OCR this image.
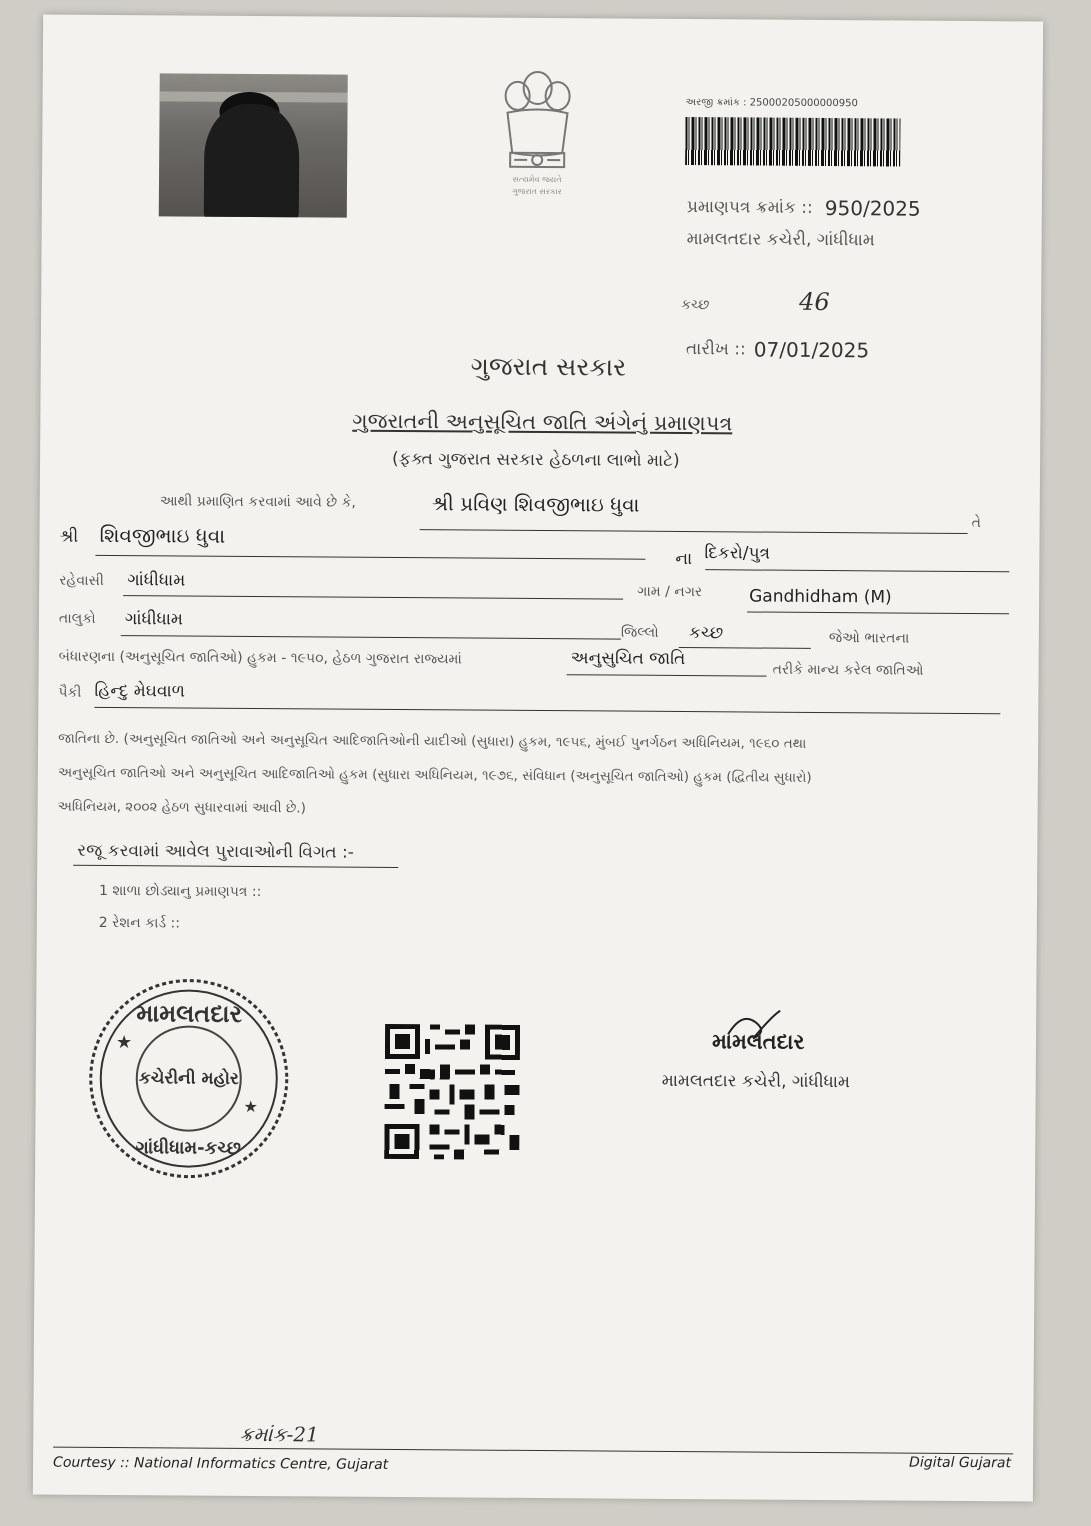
સત્યમેવ જયતે
ગુજરાત સરકાર
અરજી ક્રમાંક : 25000205000000950
પ્રમાણપત્ર ક્રમાંક :: 950/2025
મામલતદાર કચેરી, ગાંધીધામ
કચ્છ	46
તારીખ :: 07/01/2025
ગુજરાત સરકાર
ગુજરાતની અનુસૂચિત જાતિ અંગેનું પ્રમાણપત્ર
(ફક્ત ગુજરાત સરકાર હેઠળના લાભો માટે)
આથી પ્રમાણિત કરવામાં આવે છે કે,	શ્રી પ્રવિણ શિવજીભાઇ ધુવા
તે
શ્રી શિવજીભાઇ ધુવા
ના દિકરો/પુત્ર
રહેવાસી ગાંધીધામ
ગામ / નગર	Gandhidham (M)
તાલુકો ગાંધીધામ
જિલ્લો કચ્છ	જેઓ ભારતના
બંધારણના (અનુસૂચિત જાતિઓ) હુકમ - ૧૯૫૦, હેઠળ ગુજરાત રાજ્યમાં	અનુસુચિત જાતિ
તરીકે માન્ય કરેલ જાતિઓ
પૈકી હિન્દુ મેઘવાળ
જાતિના છે. (અનુસૂચિત જાતિઓ અને અનુસૂચિત આદિજાતિઓની યાદીઓ (સુધારા) હુકમ, ૧૯૫૬, મુંબઈ પુનર્ગઠન અધિનિયમ, ૧૯૬૦ તથા
અનુસૂચિત જાતિઓ અને અનુસૂચિત આદિજાતિઓ હુકમ (સુધારા અધિનિયમ, ૧૯૭૬, સંવિધાન (અનુસૂચિત જાતિઓ) હુકમ (દ્વિતીય સુધારો)
અધિનિયમ, ૨૦૦૨ હેઠળ સુધારવામાં આવી છે.)
રજૂ કરવામાં આવેલ પુરાવાઓની વિગત :-
1 શાળા છોડ્યાનુ પ્રમાણપત્ર ::
2 રેશન કાર્ડ ::
મામલતદાર
કચેરીની મહોર
ગાંધીધામ-કચ્છ
★
★
મામલતદાર
મામલતદાર કચેરી, ગાંધીધામ
ક્રમાંક-21
Courtesy :: National Informatics Centre, Gujarat	Digital Gujarat
